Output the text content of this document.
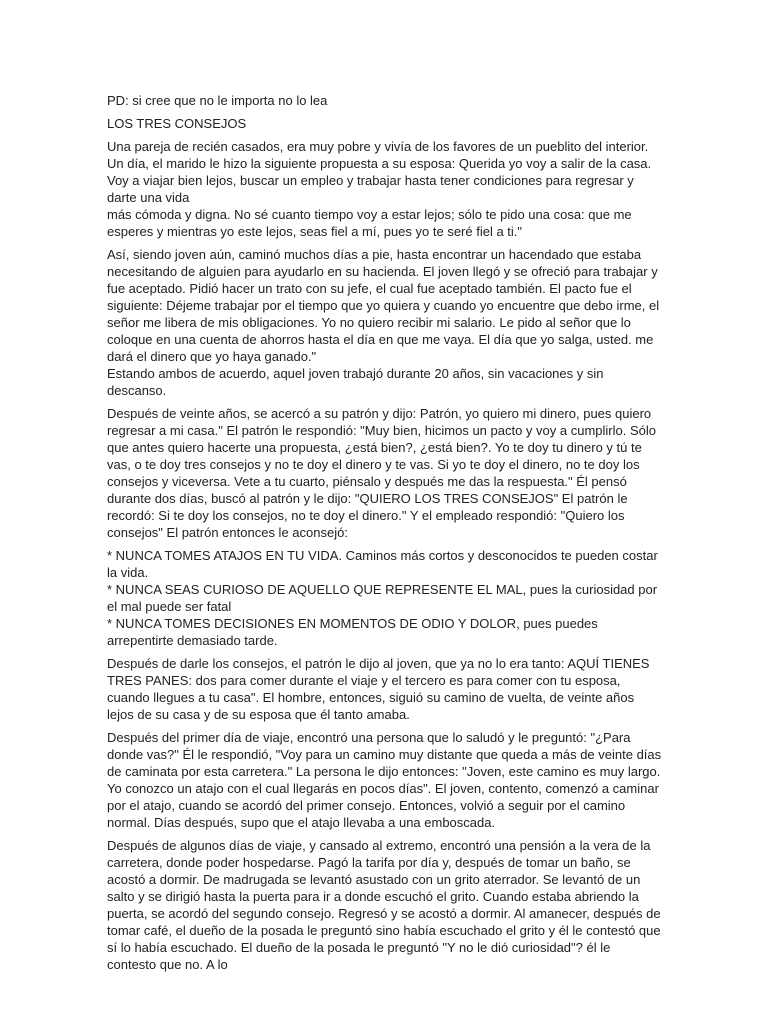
PD: si cree que no le importa no lo lea

LOS TRES CONSEJOS

Una pareja de recién casados, era muy pobre y vivía de los favores de un pueblito del interior. Un día, el marido le hizo la siguiente propuesta a su esposa: Querida yo voy a salir de la casa. Voy a viajar bien lejos, buscar un empleo y trabajar hasta tener condiciones para regresar y darte una vida
más cómoda y digna. No sé cuanto tiempo voy a estar lejos; sólo te pido una cosa: que me esperes y mientras yo este lejos, seas fiel a mí, pues yo te seré fiel a ti."

Así, siendo joven aún, caminó muchos días a pie, hasta encontrar un hacendado que estaba necesitando de alguien para ayudarlo en su hacienda. El joven llegó y se ofreció para trabajar y fue aceptado. Pidió hacer un trato con su jefe, el cual fue aceptado también. El pacto fue el siguiente: Déjeme trabajar por el tiempo que yo quiera y cuando yo encuentre que debo irme, el señor me libera de mis obligaciones. Yo no quiero recibir mi salario. Le pido al señor que lo coloque en una cuenta de ahorros hasta el día en que me vaya. El día que yo salga, usted. me dará el dinero que yo haya ganado."
Estando ambos de acuerdo, aquel joven trabajó durante 20 años, sin vacaciones y sin descanso.

Después de veinte años, se acercó a su patrón y dijo: Patrón, yo quiero mi dinero, pues quiero regresar a mi casa." El patrón le respondió: "Muy bien, hicimos un pacto y voy a cumplirlo. Sólo que antes quiero hacerte una propuesta, ¿está bien?, ¿está bien?. Yo te doy tu dinero y tú te vas, o te doy tres consejos y no te doy el dinero y te vas. Si yo te doy el dinero, no te doy los consejos y viceversa. Vete a tu cuarto, piénsalo y después me das la respuesta." Él pensó durante dos días, buscó al patrón y le dijo: "QUIERO LOS TRES CONSEJOS" El patrón le recordó: Si te doy los consejos, no te doy el dinero." Y el empleado respondió: "Quiero los consejos" El patrón entonces le aconsejó:

* NUNCA TOMES ATAJOS EN TU VIDA. Caminos más cortos y desconocidos te pueden costar la vida.
* NUNCA SEAS CURIOSO DE AQUELLO QUE REPRESENTE EL MAL, pues la curiosidad por el mal puede ser fatal
* NUNCA TOMES DECISIONES EN MOMENTOS DE ODIO Y DOLOR, pues puedes arrepentirte demasiado tarde.

Después de darle los consejos, el patrón le dijo al joven, que ya no lo era tanto: AQUÍ TIENES TRES PANES: dos para comer durante el viaje y el tercero es para comer con tu esposa, cuando llegues a tu casa". El hombre, entonces, siguió su camino de vuelta, de veinte años lejos de su casa y de su esposa que él tanto amaba.

Después del primer día de viaje, encontró una persona que lo saludó y le preguntó: "¿Para donde vas?" Él le respondió, "Voy para un camino muy distante que queda a más de veinte días de caminata por esta carretera." La persona le dijo entonces: "Joven, este camino es muy largo. Yo conozco un atajo con el cual llegarás en pocos días". El joven, contento, comenzó a caminar por el atajo, cuando se acordó del primer consejo. Entonces, volvió a seguir por el camino normal. Días después, supo que el atajo llevaba a una emboscada.

Después de algunos días de viaje, y cansado al extremo, encontró una pensión a la vera de la carretera, donde poder hospedarse. Pagó la tarifa por día y, después de tomar un baño, se acostó a dormir. De madrugada se levantó asustado con un grito aterrador. Se levantó de un salto y se dirigió hasta la puerta para ir a donde escuchó el grito. Cuando estaba abriendo la puerta, se acordó del segundo consejo. Regresó y se acostó a dormir. Al amanecer, después de tomar café, el dueño de la posada le preguntó sino había escuchado el grito y él le contestó que sí lo había escuchado. El dueño de la posada le preguntó "Y no le dió curiosidad"? él le contesto que no. A lo
